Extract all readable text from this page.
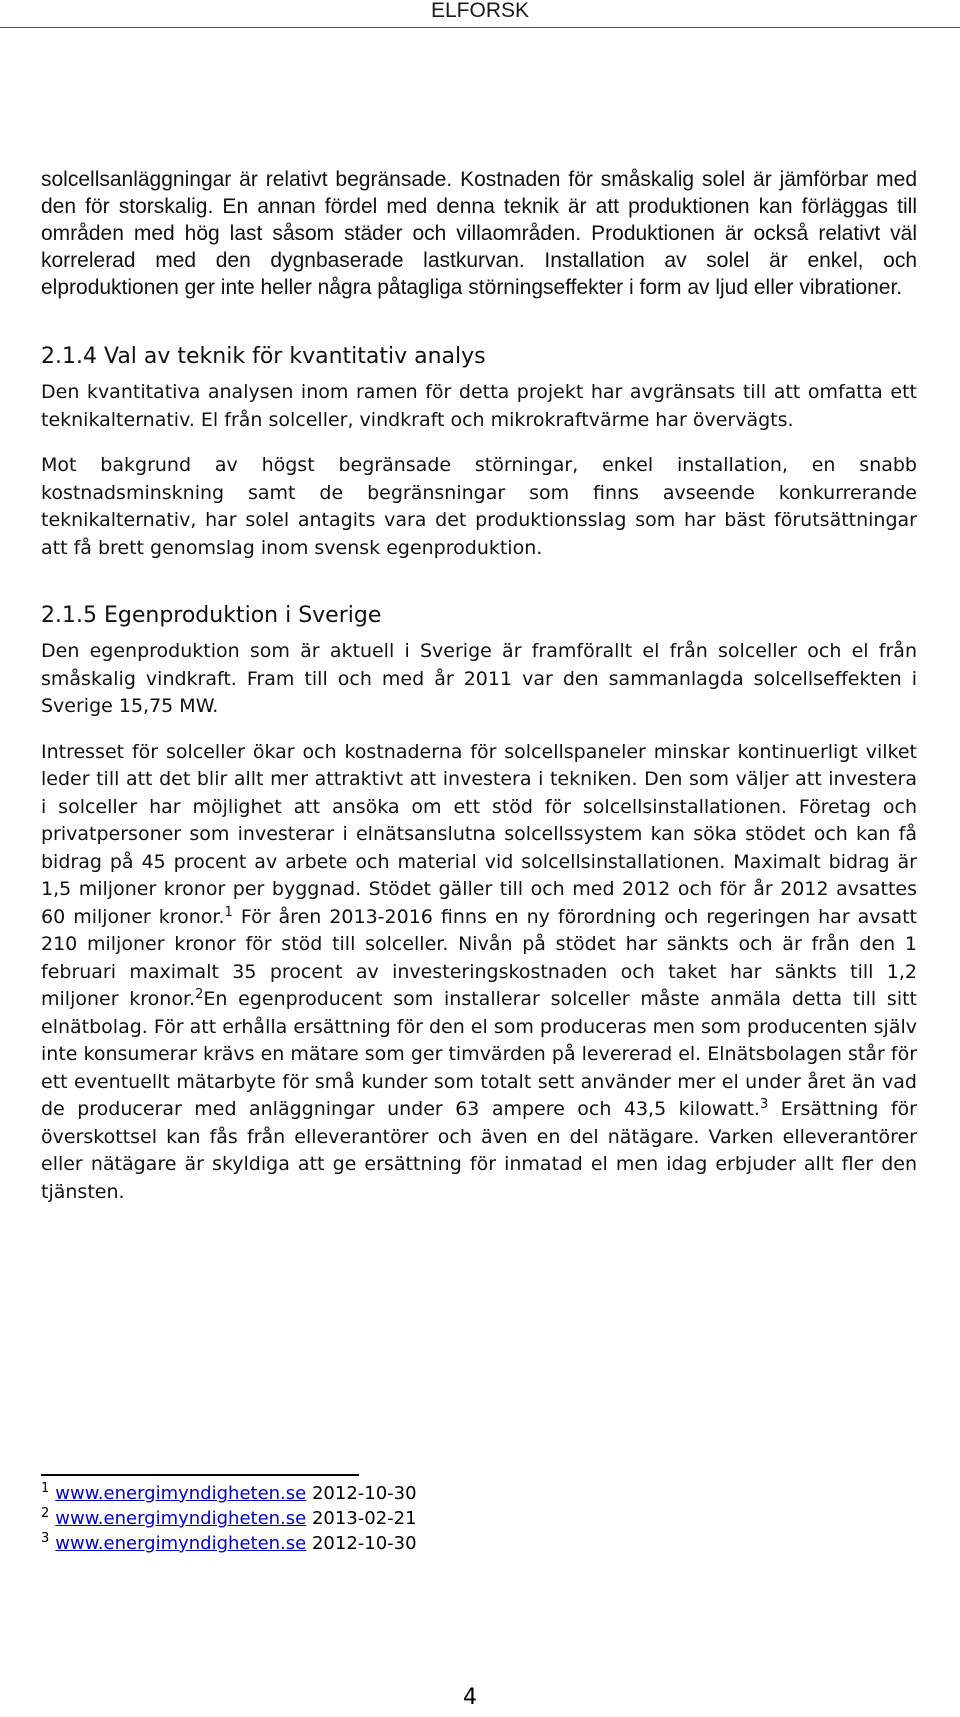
ELFORSK

solcellsanläggningar är relativt begränsade. Kostnaden för småskalig solel är jämförbar med den för storskalig. En annan fördel med denna teknik är att produktionen kan förläggas till områden med hög last såsom städer och villaområden. Produktionen är också relativt väl korrelerad med den dygnbaserade lastkurvan. Installation av solel är enkel, och elproduktionen ger inte heller några påtagliga störningseffekter i form av ljud eller vibrationer.

2.1.4 Val av teknik för kvantitativ analys

Den kvantitativa analysen inom ramen för detta projekt har avgränsats till att omfatta ett teknikalternativ. El från solceller, vindkraft och mikrokraftvärme har övervägts.

Mot bakgrund av högst begränsade störningar, enkel installation, en snabb kostnadsminskning samt de begränsningar som finns avseende konkurrerande teknikalternativ, har solel antagits vara det produktionsslag som har bäst förutsättningar att få brett genomslag inom svensk egenproduktion.

2.1.5 Egenproduktion i Sverige

Den egenproduktion som är aktuell i Sverige är framförallt el från solceller och el från småskalig vindkraft. Fram till och med år 2011 var den sammanlagda solcellseffekten i Sverige 15,75 MW.

Intresset för solceller ökar och kostnaderna för solcellspaneler minskar kontinuerligt vilket leder till att det blir allt mer attraktivt att investera i tekniken. Den som väljer att investera i solceller har möjlighet att ansöka om ett stöd för solcellsinstallationen. Företag och privatpersoner som investerar i elnätsanslutna solcellssystem kan söka stödet och kan få bidrag på 45 procent av arbete och material vid solcellsinstallationen. Maximalt bidrag är 1,5 miljoner kronor per byggnad. Stödet gäller till och med 2012 och för år 2012 avsattes 60 miljoner kronor.$^1$ För åren 2013-2016 finns en ny förordning och regeringen har avsatt 210 miljoner kronor för stöd till solceller. Nivån på stödet har sänkts och är från den 1 februari maximalt 35 procent av investeringskostnaden och taket har sänkts till 1,2 miljoner kronor.$^2$En egenproducent som installerar solceller måste anmäla detta till sitt elnätbolag. För att erhålla ersättning för den el som produceras men som producenten själv inte konsumerar krävs en mätare som ger timvärden på levererad el. Elnätsbolagen står för ett eventuellt mätarbyte för små kunder som totalt sett använder mer el under året än vad de producerar med anläggningar under 63 ampere och 43,5 kilowatt.$^3$ Ersättning för överskottsel kan fås från elleverantörer och även en del nätägare. Varken elleverantörer eller nätägare är skyldiga att ge ersättning för inmatad el men idag erbjuder allt fler den tjänsten.

$^1$ www.energimyndigheten.se 2012-10-30
$^2$ www.energimyndigheten.se 2013-02-21
$^3$ www.energimyndigheten.se 2012-10-30
4
